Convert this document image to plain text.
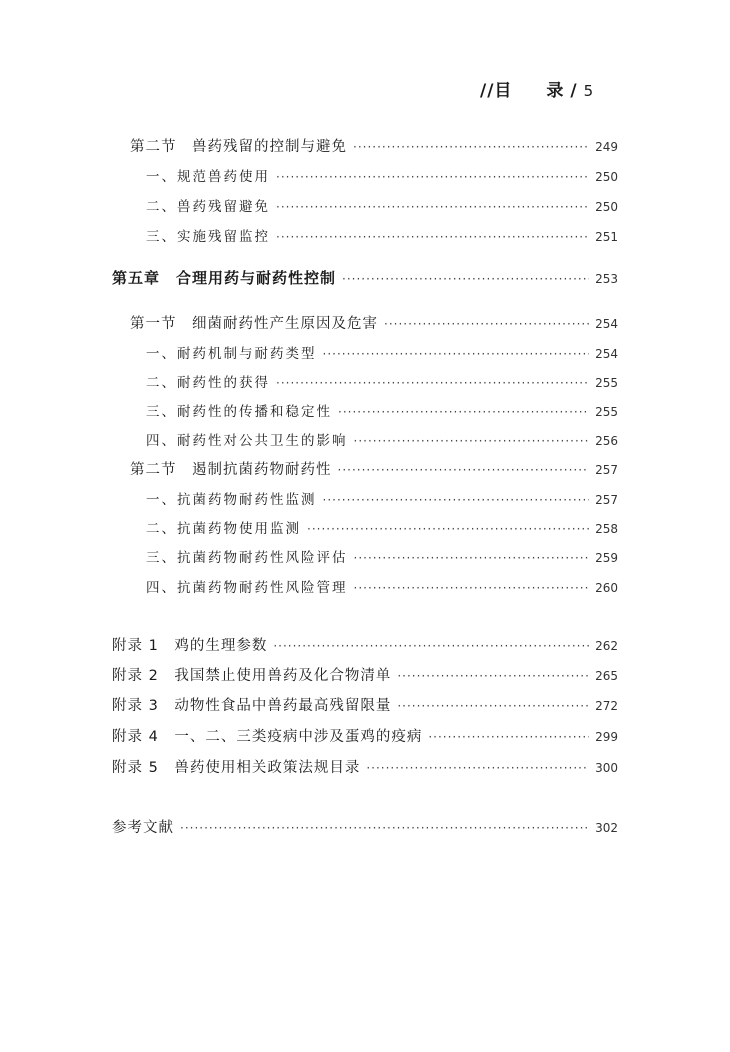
//目 录 / 5
第二节　兽药残留的控制与避免 ·····	249
一、规范兽药使用 ·····	250
二、兽药残留避免 ·····	250
三、实施残留监控 ·····	251
第五章　合理用药与耐药性控制 ·····	253
第一节　细菌耐药性产生原因及危害 ·····	254
一、耐药机制与耐药类型 ·····	254
二、耐药性的获得 ·····	255
三、耐药性的传播和稳定性 ·····	255
四、耐药性对公共卫生的影响 ·····	256
第二节　遏制抗菌药物耐药性 ·····	257
一、抗菌药物耐药性监测 ·····	257
二、抗菌药物使用监测 ·····	258
三、抗菌药物耐药性风险评估 ·····	259
四、抗菌药物耐药性风险管理 ·····	260
附录 1　鸡的生理参数 ·····	262
附录 2　我国禁止使用兽药及化合物清单 ·····	265
附录 3　动物性食品中兽药最高残留限量 ·····	272
附录 4　一、二、三类疫病中涉及蛋鸡的疫病 ·····	299
附录 5　兽药使用相关政策法规目录 ·····	300
参考文献 ·····	302
